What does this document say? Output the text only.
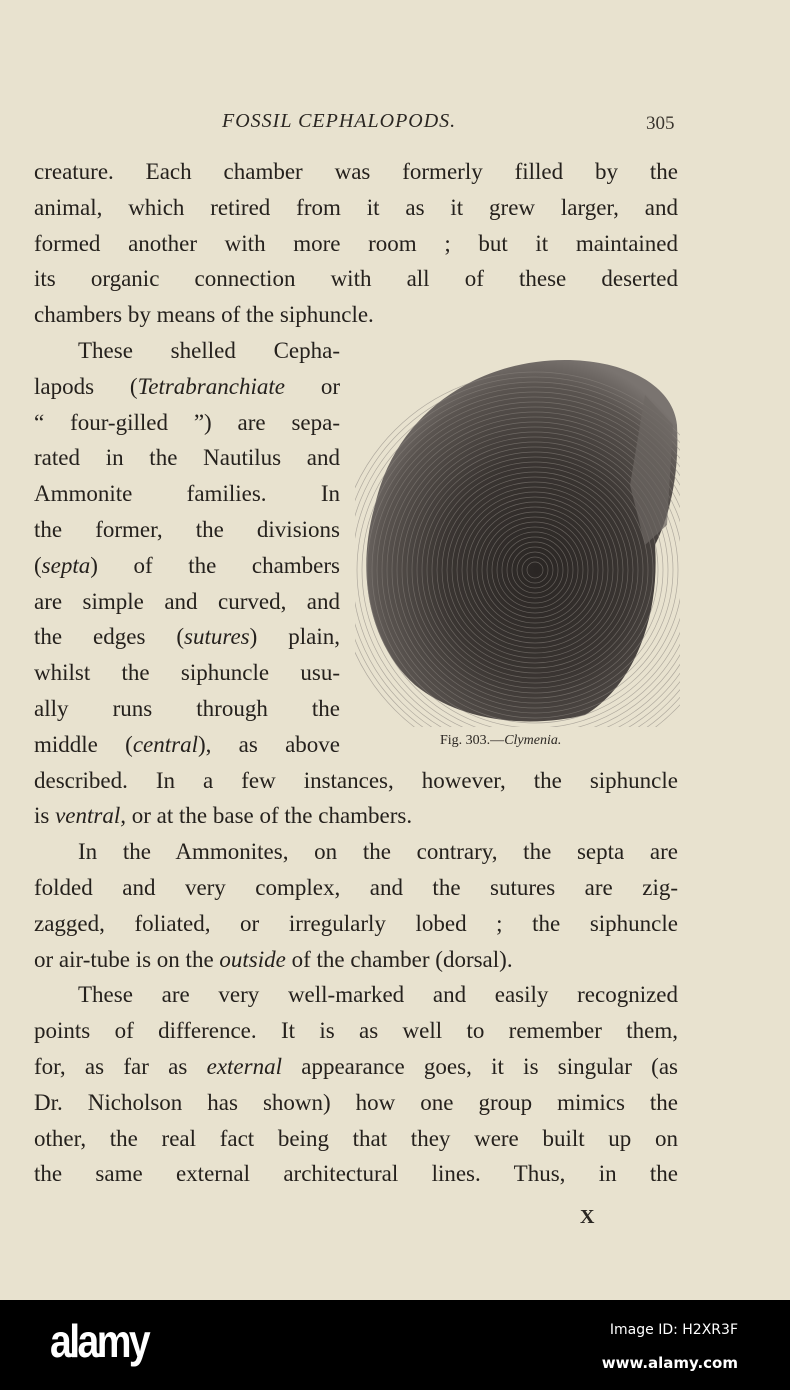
FOSSIL CEPHALOPODS.	305
creature. Each chamber was formerly filled by the
animal, which retired from it as it grew larger, and
formed another with more room ; but it maintained
its organic connection with all of these deserted
chambers by means of the siphuncle.
These shelled Cepha-
lapods (Tetrabranchiate or
“ four-gilled ”) are sepa-
rated in the Nautilus and
Ammonite families. In
the former, the divisions
(septa) of the chambers
are simple and curved, and
the edges (sutures) plain,
whilst the siphuncle usu-
ally runs through the
middle (central), as above
described. In a few instances, however, the siphuncle
is ventral, or at the base of the chambers.
In the Ammonites, on the contrary, the septa are
folded and very complex, and the sutures are zig-
zagged, foliated, or irregularly lobed ; the siphuncle
or air-tube is on the outside of the chamber (dorsal).
These are very well-marked and easily recognized
points of difference. It is as well to remember them,
for, as far as external appearance goes, it is singular (as
Dr. Nicholson has shown) how one group mimics the
other, the real fact being that they were built up on
the same external architectural lines. Thus, in the
Fig. 303.—Clymenia.
X
alamy	Image ID: H2XR3F
www.alamy.com
